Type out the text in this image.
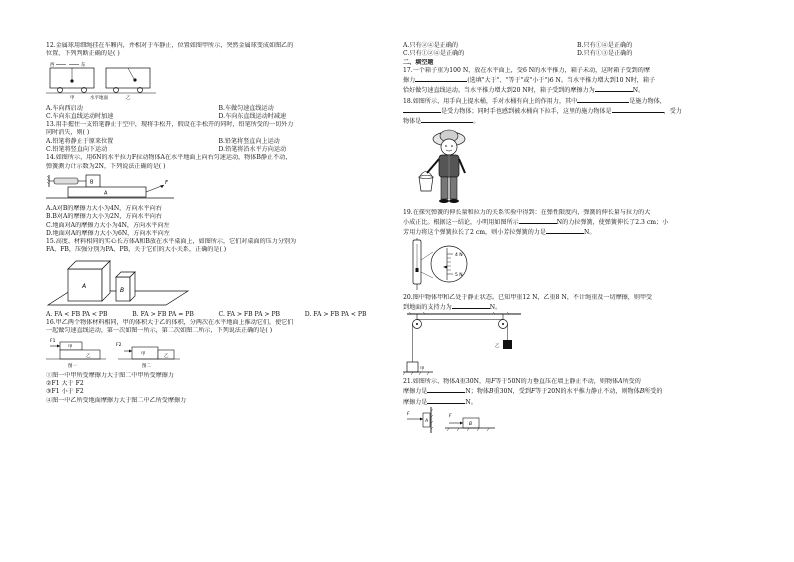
12.金属球用细绳挂在车厢内，并相对于车静止，位置如图甲所示，突然金属球变成如图乙的
位置，下列判断正确的是( )
西	东
甲	水平地面	乙
A.车向西启动	B.车做匀速直线运动
C.车向东直线运动时加速	D.车向东直线运动时减速
13.用手握住一支铅笔静止于空中，现将手松开，假设在手松开的同时，铅笔所受的一切外力
同时消失，则( )
A.铅笔将静止于原来位置	B.铅笔将竖直向上运动
C.铅笔将竖直向下运动	D.铅笔将沿水平方向运动
14.如图所示，用6N的水平拉力F拉动物体A在水平地面上向右匀速运动，物体B静止不动，
弹簧测力计示数为2N，下列说法正确的是( )
B
A
F
A.A对B的摩擦力大小为4N，方向水平向右
B.B对A的摩擦力大小为2N，方向水平向右
C.地面对A的摩擦力大小为4N，方向水平向左
D.地面对A的摩擦力大小为6N，方向水平向左
15.高度、材料相同的实心长方体A和B放在水平桌面上，如图所示，它们对桌面的压力分别为
FA、FB，压强分别为PA、PB，关于它们的大小关系，正确的是( )
A
B
A. FA < FB PA < PB	B. FA > FB PA = PB	C. FA > FB PA > PB	D. FA > FB PA < PB
16.甲乙两个物体材料相同，甲的体积大于乙的体积，分两次在水平地面上推动它们，使它们
一起做匀速直线运动，第一次如图一所示，第二次如图二所示，下列说法正确的是( )
F1
甲
乙
图一
F2
甲	乙
图二
①图一中甲所受摩擦力大于图二中甲所受摩擦力
②F1 大于 F2
③F1 小于 F2
④图一中乙所受地面摩擦力大于图二中乙所受摩擦力
A.只有②④是正确的	B.只有①④是正确的
C.只有①②④是正确的	D.只有①③是正确的
二、填空题
17.一个箱子重为100 N，放在水平面上，受6 N的水平推力，箱子未动，这时箱子受到的摩
擦力	(选填"大于"、"等于"或"小于")6 N。当水平推力增大到10 N时，箱子
恰好做匀速直线运动。当水平推力增大到20 N时，箱子受到的摩擦力为	N。
18.如图所示，用手向上提水桶，手对水桶有向上的作用力，其中	是施力物体，
是受力物体；同时手也感到被水桶向下拉手，这里的施力物体是	，受力
物体是	。
19.在探究弹簧的伸长量和拉力的关系实验中得到：在弹性限度内，弹簧的伸长量与拉力的大
小成正比。根据这一结论，小明用如图所示	N的力拉弹簧，使弹簧伸长了2.3 cm；小
芳用力将这个弹簧拉长了2 cm，则小芳拉弹簧的力是	N。
4 N
5 N
20.图中物体甲和乙处于静止状态。已知甲重12 N，乙重8 N，不计绳重及一切摩擦，则甲受
到地面的支持力为	N。
甲
乙
21.如图所示，物体A重30N，用F等于50N的力垂直压在墙上静止不动，则物体A所受的
摩擦力是	N；物体B重30N，受到F等于20N的水平推力静止不动，则物体B所受的
摩擦力是	N。
F
A
F
B
